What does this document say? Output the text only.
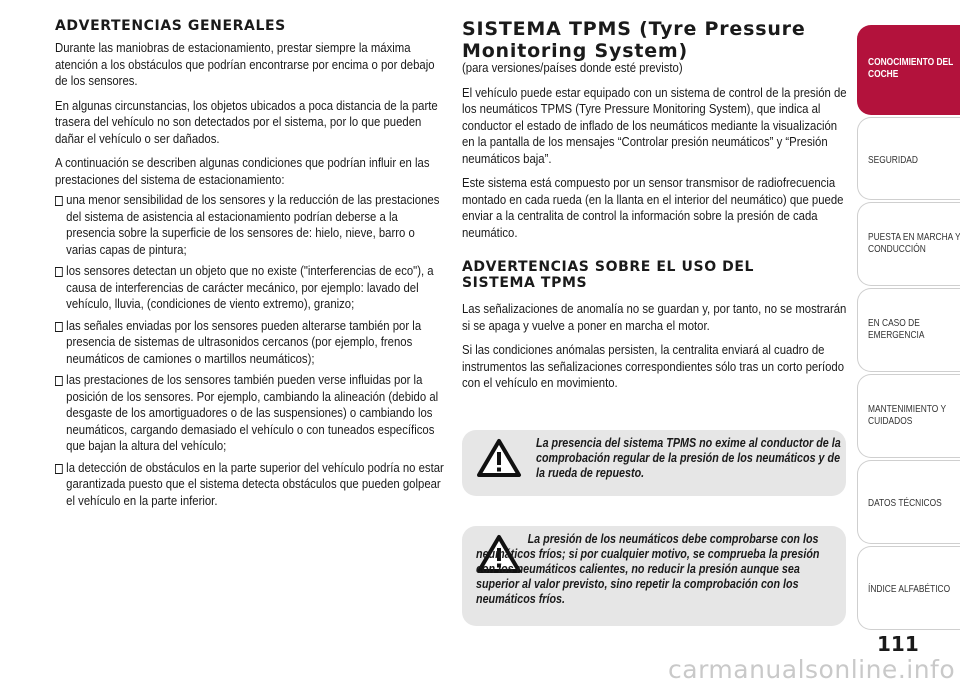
ADVERTENCIAS GENERALES

Durante las maniobras de estacionamiento, prestar siempre la máxima atención a los obstáculos que podrían encontrarse por encima o por debajo de los sensores.

En algunas circunstancias, los objetos ubicados a poca distancia de la parte trasera del vehículo no son detectados por el sistema, por lo que pueden dañar el vehículo o ser dañados.

A continuación se describen algunas condiciones que podrían influir en las prestaciones del sistema de estacionamiento:

una menor sensibilidad de los sensores y la reducción de las prestaciones del sistema de asistencia al estacionamiento podrían deberse a la presencia sobre la superficie de los sensores de: hielo, nieve, barro o varias capas de pintura;
los sensores detectan un objeto que no existe ("interferencias de eco"), a causa de interferencias de carácter mecánico, por ejemplo: lavado del vehículo, lluvia, (condiciones de viento extremo), granizo;
las señales enviadas por los sensores pueden alterarse también por la presencia de sistemas de ultrasonidos cercanos (por ejemplo, frenos neumáticos de camiones o martillos neumáticos);
las prestaciones de los sensores también pueden verse influidas por la posición de los sensores. Por ejemplo, cambiando la alineación (debido al desgaste de los amortiguadores o de las suspensiones) o cambiando los neumáticos, cargando demasiado el vehículo o con tuneados específicos que bajan la altura del vehículo;
la detección de obstáculos en la parte superior del vehículo podría no estar garantizada puesto que el sistema detecta obstáculos que pueden golpear el vehículo en la parte inferior.
SISTEMA TPMS (Tyre Pressure
Monitoring System)

(para versiones/países donde esté previsto)

El vehículo puede estar equipado con un sistema de control de la presión de los neumáticos TPMS (Tyre Pressure Monitoring System), que indica al conductor el estado de inflado de los neumáticos mediante la visualización en la pantalla de los mensajes “Controlar presión neumáticos” y “Presión neumáticos baja”.

Este sistema está compuesto por un sensor transmisor de radiofrecuencia montado en cada rueda (en la llanta en el interior del neumático) que puede enviar a la centralita de control la información sobre la presión de cada neumático.

ADVERTENCIAS SOBRE EL USO DEL
SISTEMA TPMS

Las señalizaciones de anomalía no se guardan y, por tanto, no se mostrarán si se apaga y vuelve a poner en marcha el motor.

Si las condiciones anómalas persisten, la centralita enviará al cuadro de instrumentos las señalizaciones correspondientes sólo tras un corto período con el vehículo en movimiento.

La presencia del sistema TPMS no exime al conductor de la comprobación regular de la presión de los neumáticos y de la rueda de repuesto.
La presión de los neumáticos debe comprobarse con los neumáticos fríos; si por cualquier motivo, se comprueba la presión con los neumáticos calientes, no reducir la presión aunque sea superior al valor previsto, sino repetir la comprobación con los neumáticos fríos.
CONOCIMIENTO DEL COCHE
SEGURIDAD
PUESTA EN MARCHA Y CONDUCCIÓN
EN CASO DE EMERGENCIA
MANTENIMIENTO Y CUIDADOS
DATOS TÉCNICOS
ÍNDICE ALFABÉTICO
111
carmanualsonline.info
